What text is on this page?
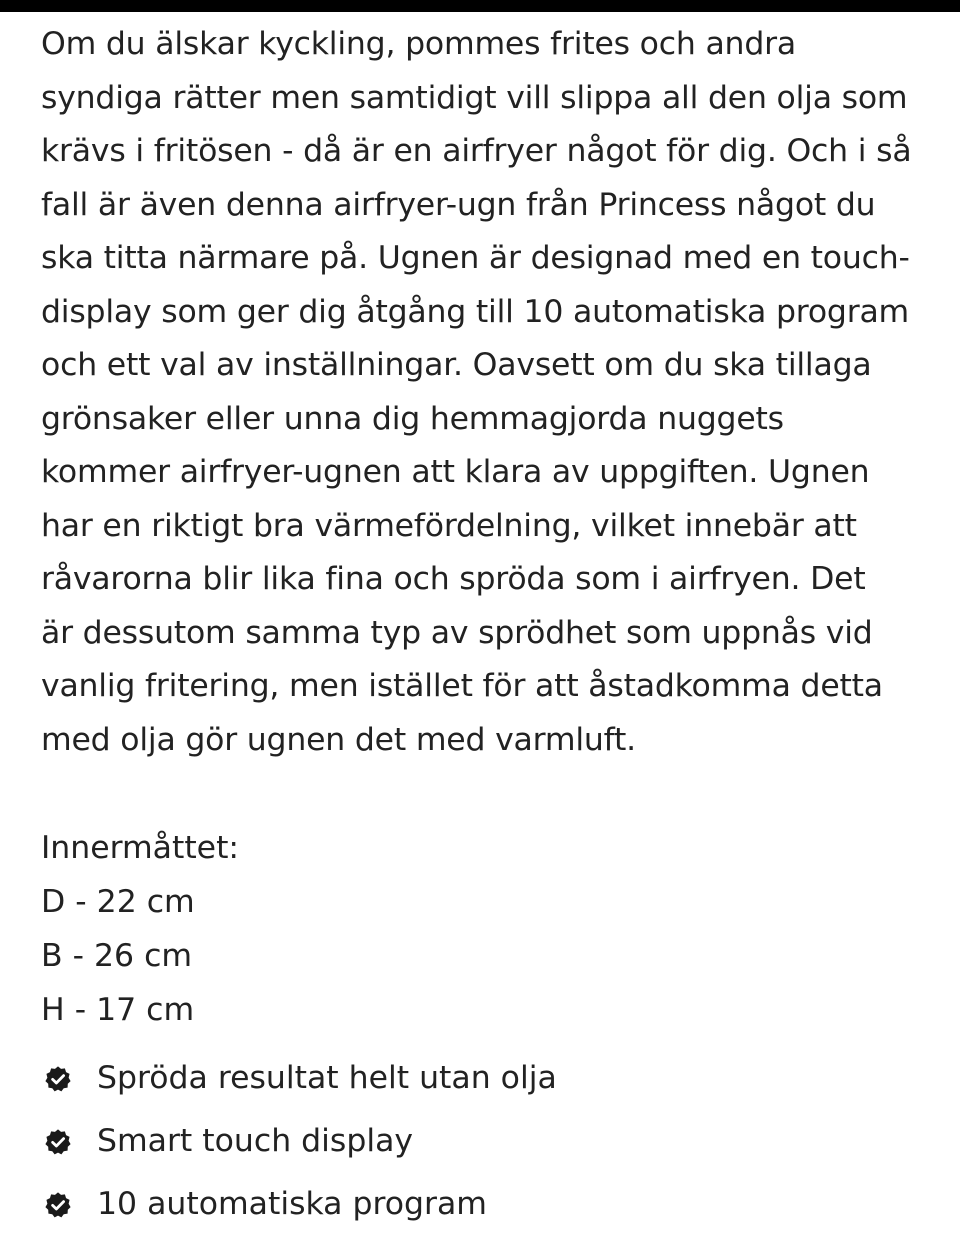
Om du älskar kyckling, pommes frites och andra
syndiga rätter men samtidigt vill slippa all den olja som
krävs i fritösen - då är en airfryer något för dig. Och i så
fall är även denna airfryer-ugn från Princess något du
ska titta närmare på. Ugnen är designad med en touch-
display som ger dig åtgång till 10 automatiska program
och ett val av inställningar. Oavsett om du ska tillaga
grönsaker eller unna dig hemmagjorda nuggets
kommer airfryer-ugnen att klara av uppgiften. Ugnen
har en riktigt bra värmefördelning, vilket innebär att
råvarorna blir lika fina och spröda som i airfryen. Det
är dessutom samma typ av sprödhet som uppnås vid
vanlig fritering, men istället för att åstadkomma detta
med olja gör ugnen det med varmluft.

Innermåttet:
D - 22 cm
B - 26 cm
H - 17 cm
Spröda resultat helt utan olja
Smart touch display
10 automatiska program
